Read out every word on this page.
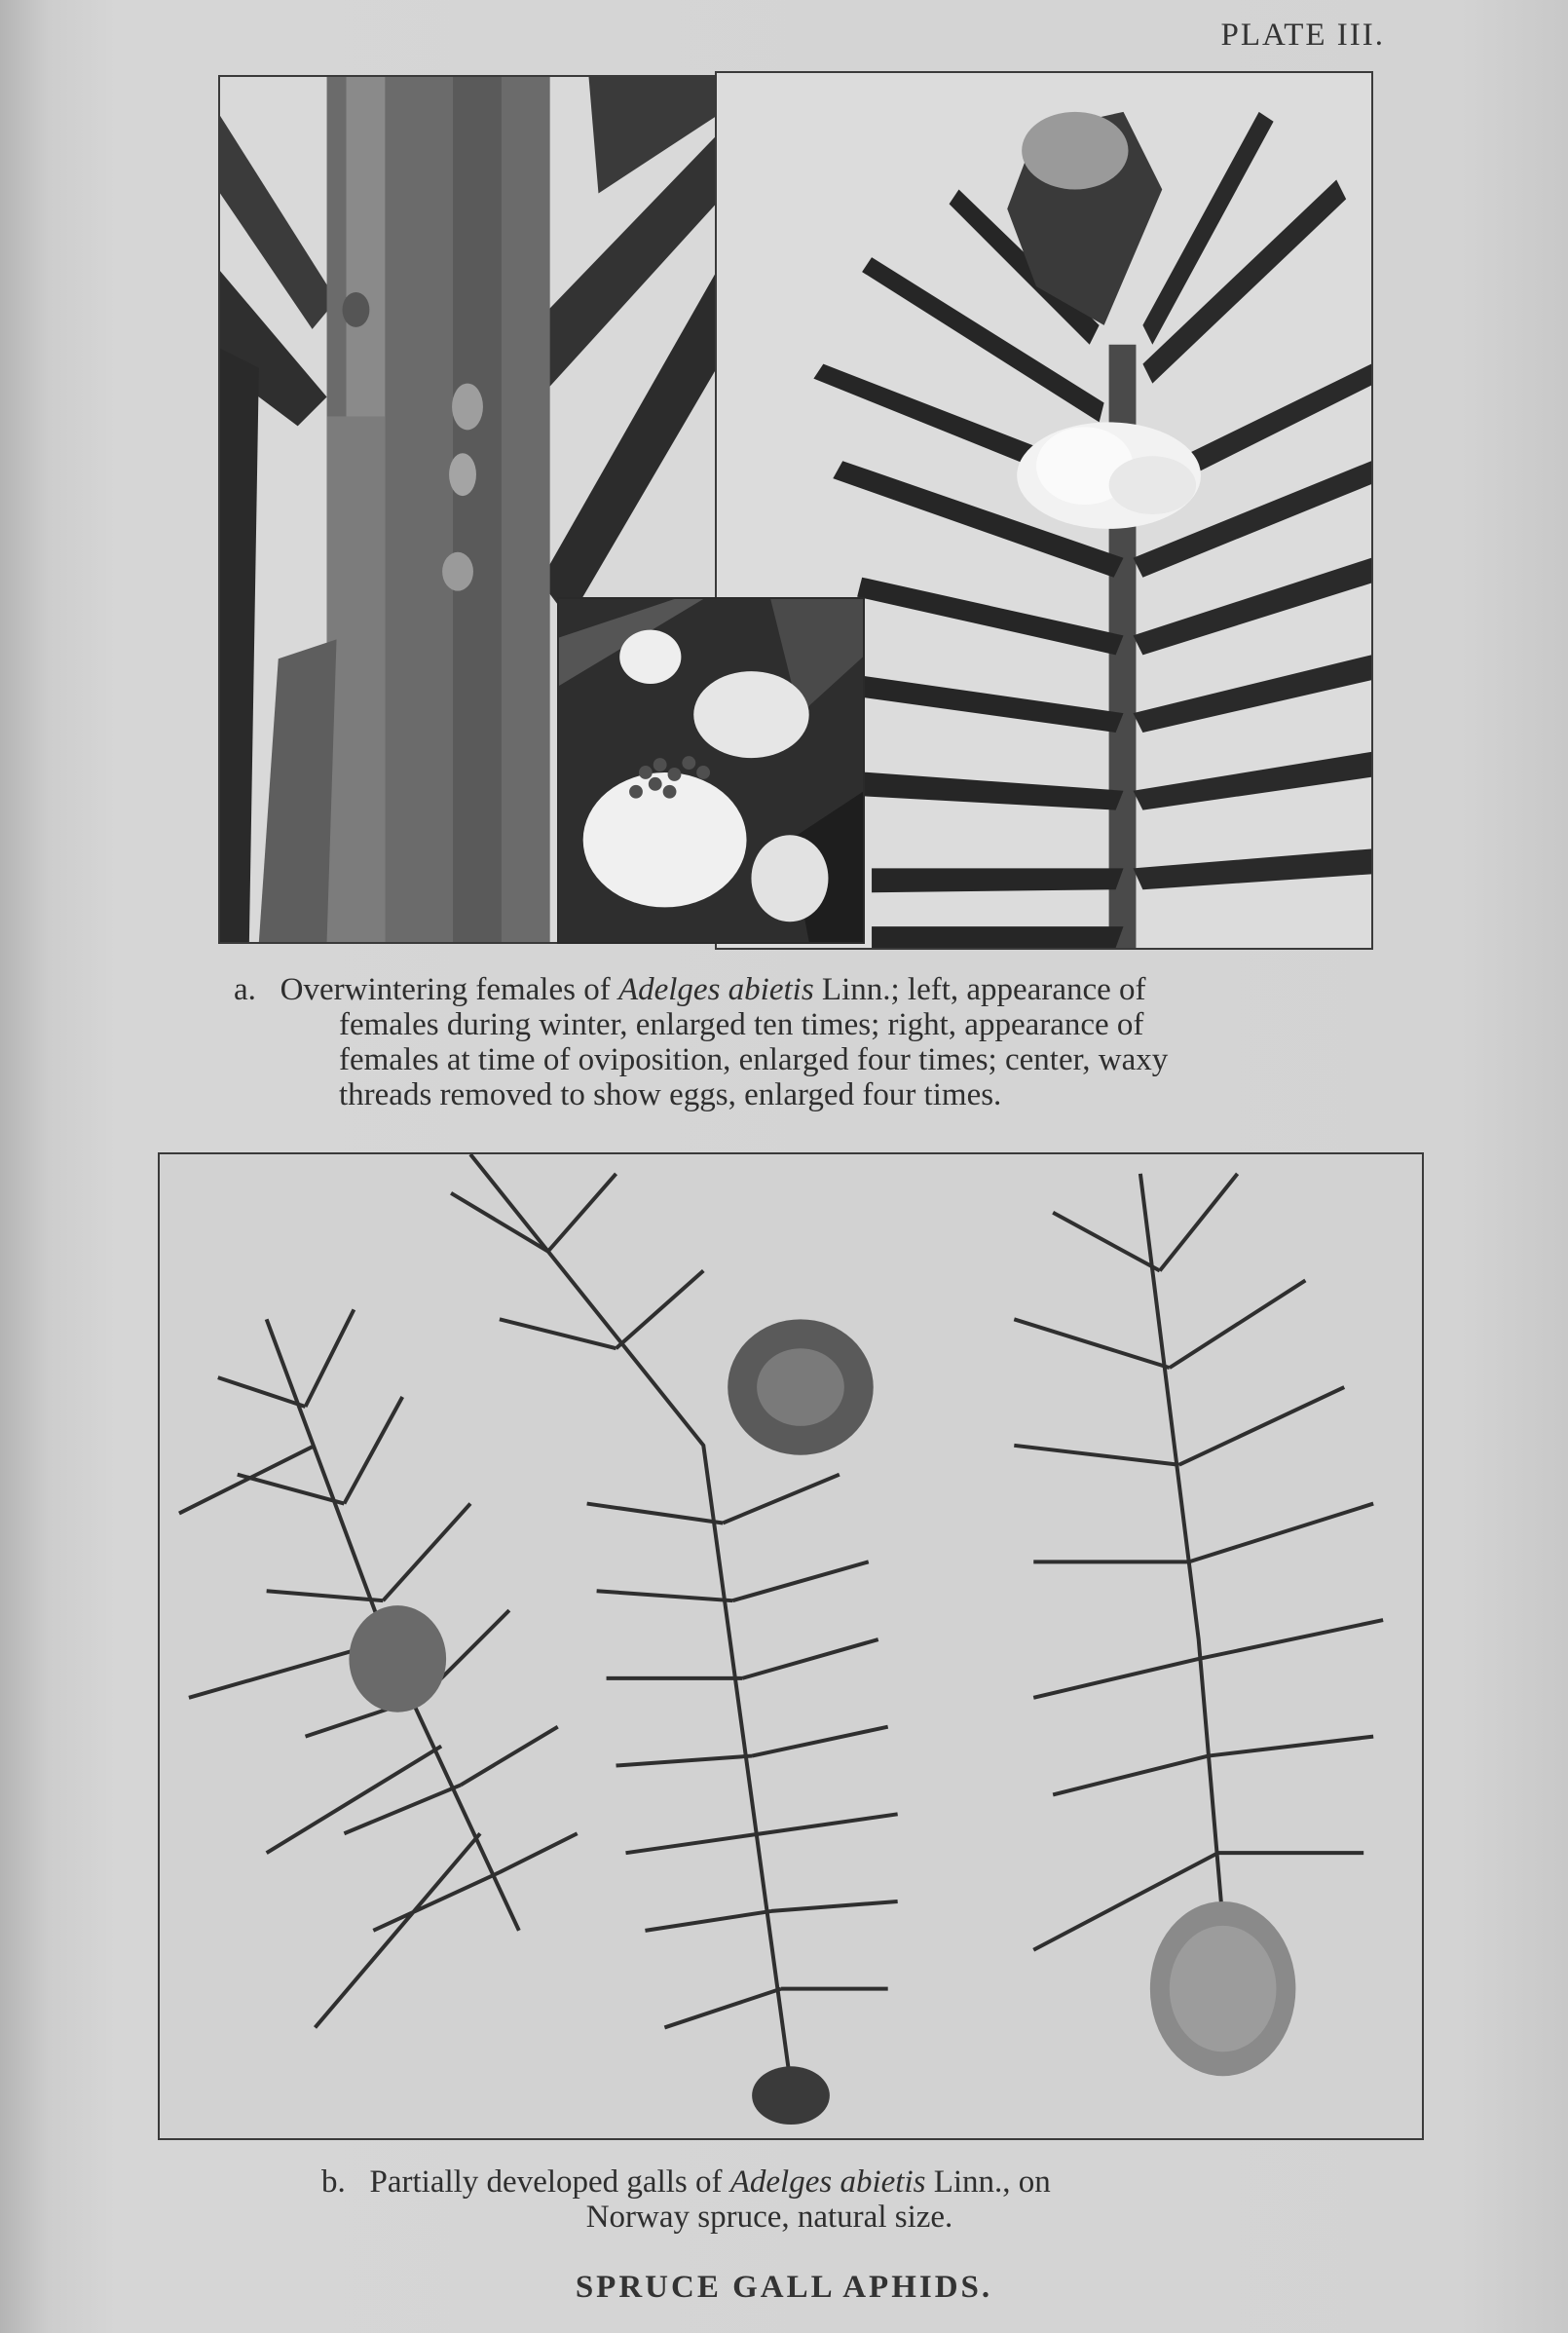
PLATE III.
a. Overwintering females of Adelges abietis Linn.; left, appearance of
females during winter, enlarged ten times; right, appearance of
females at time of oviposition, enlarged four times; center, waxy
threads removed to show eggs, enlarged four times.
b. Partially developed galls of Adelges abietis Linn., on
Norway spruce, natural size.
SPRUCE GALL APHIDS.
